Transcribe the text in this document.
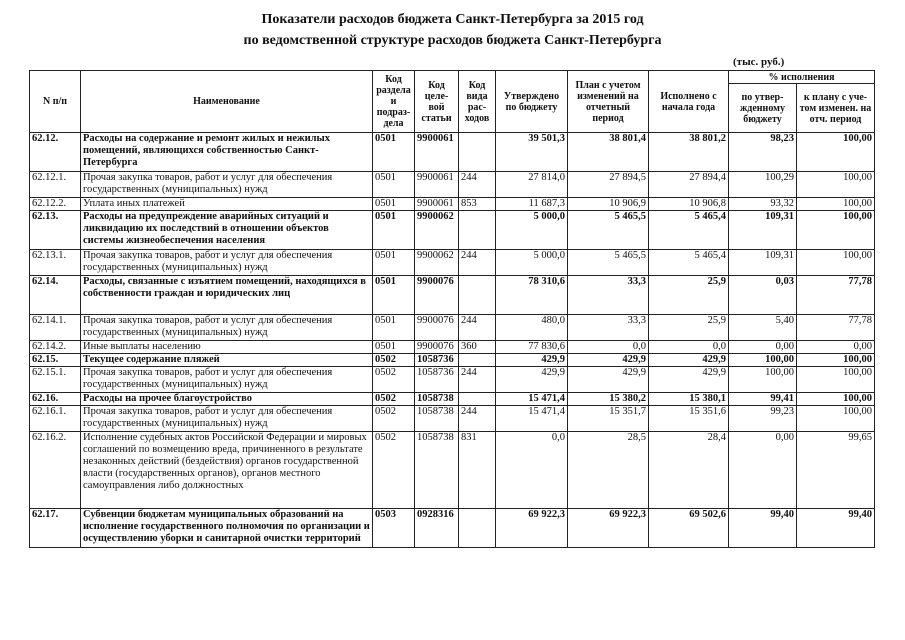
Показатели расходов бюджета Санкт-Петербурга за 2015 год
по ведомственной структуре расходов бюджета Санкт-Петербурга
(тыс. руб.)
N п/п	Наименование	Код раздела и подраз-дела	Код целе-вой статьи	Код вида рас-ходов	Утверждено по бюджету	План с учетом изменений на отчетный период	Исполнено с начала года	% исполнения	
								по утвер-жденному бюджету	к плану с уче-том изменен. на отч. период
62.12.	Расходы на содержание и ремонт жилых и нежилых помещений, являющихся собственностью Санкт-Петербурга	0501	9900061		39 501,3	38 801,4	38 801,2	98,23	100,00
62.12.1.	Прочая закупка товаров, работ и услуг для обеспечения государственных (муниципальных) нужд	0501	9900061	244	27 814,0	27 894,5	27 894,4	100,29	100,00
62.12.2.	Уплата иных платежей	0501	9900061	853	11 687,3	10 906,9	10 906,8	93,32	100,00
62.13.	Расходы на предупреждение аварийных ситуаций и ликвидацию их последствий в отношении объектов системы жизнеобеспечения населения	0501	9900062		5 000,0	5 465,5	5 465,4	109,31	100,00
62.13.1.	Прочая закупка товаров, работ и услуг для обеспечения государственных (муниципальных) нужд	0501	9900062	244	5 000,0	5 465,5	5 465,4	109,31	100,00
62.14.	Расходы, связанные с изъятием помещений, находящихся в собственности граждан и юридических лиц	0501	9900076		78 310,6	33,3	25,9	0,03	77,78
62.14.1.	Прочая закупка товаров, работ и услуг для обеспечения государственных (муниципальных) нужд	0501	9900076	244	480,0	33,3	25,9	5,40	77,78
62.14.2.	Иные выплаты населению	0501	9900076	360	77 830,6	0,0	0,0	0,00	0,00
62.15.	Текущее содержание пляжей	0502	1058736		429,9	429,9	429,9	100,00	100,00
62.15.1.	Прочая закупка товаров, работ и услуг для обеспечения государственных (муниципальных) нужд	0502	1058736	244	429,9	429,9	429,9	100,00	100,00
62.16.	Расходы на прочее благоустройство	0502	1058738		15 471,4	15 380,2	15 380,1	99,41	100,00
62.16.1.	Прочая закупка товаров, работ и услуг для обеспечения государственных (муниципальных) нужд	0502	1058738	244	15 471,4	15 351,7	15 351,6	99,23	100,00
62.16.2.	Исполнение судебных актов Российской Федерации и мировых соглашений по возмещению вреда, причиненного в результате незаконных действий (бездействия) органов государственной власти (государственных органов), органов местного самоуправления либо должностных	0502	1058738	831	0,0	28,5	28,4	0,00	99,65
62.17.	Субвенции бюджетам муниципальных образований на исполнение государственного полномочия по организации и осуществлению уборки и санитарной очистки территорий	0503	0928316		69 922,3	69 922,3	69 502,6	99,40	99,40
